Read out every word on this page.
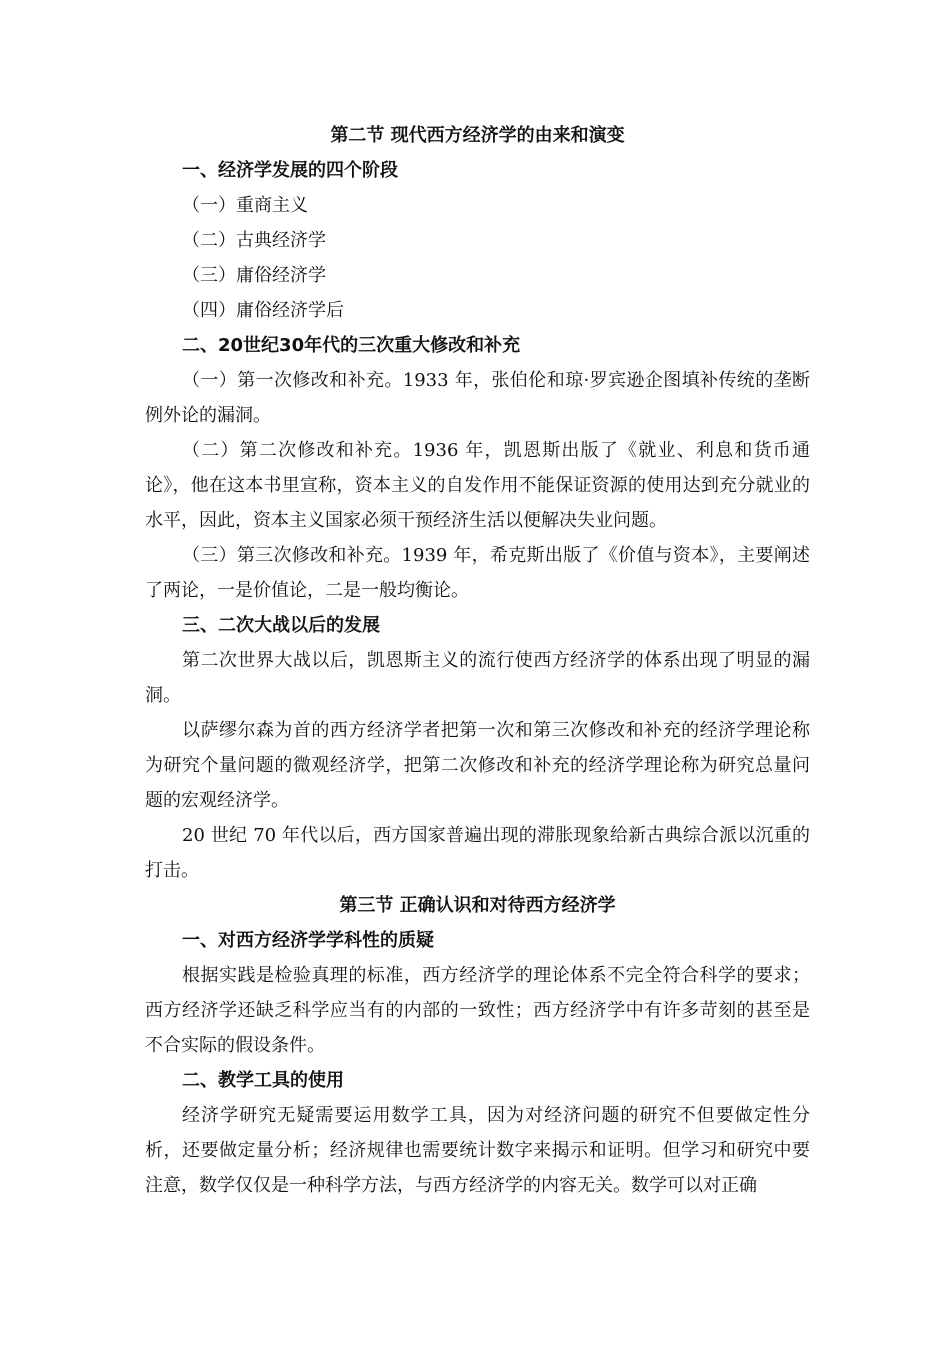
第二节 现代西方经济学的由来和演变

一、经济学发展的四个阶段

（一）重商主义

（二）古典经济学

（三）庸俗经济学

（四）庸俗经济学后

二、20世纪30年代的三次重大修改和补充

（一）第一次修改和补充。1933 年，张伯伦和琼·罗宾逊企图填补传统的垄断例外论的漏洞。

（二）第二次修改和补充。1936 年，凯恩斯出版了《就业、利息和货币通论》，他在这本书里宣称，资本主义的自发作用不能保证资源的使用达到充分就业的水平，因此，资本主义国家必须干预经济生活以便解决失业问题。

（三）第三次修改和补充。1939 年，希克斯出版了《价值与资本》，主要阐述了两论，一是价值论，二是一般均衡论。

三、二次大战以后的发展

第二次世界大战以后，凯恩斯主义的流行使西方经济学的体系出现了明显的漏洞。

以萨缪尔森为首的西方经济学者把第一次和第三次修改和补充的经济学理论称为研究个量问题的微观经济学，把第二次修改和补充的经济学理论称为研究总量问题的宏观经济学。

20 世纪 70 年代以后，西方国家普遍出现的滞胀现象给新古典综合派以沉重的打击。

第三节 正确认识和对待西方经济学

一、对西方经济学学科性的质疑

根据实践是检验真理的标准，西方经济学的理论体系不完全符合科学的要求；西方经济学还缺乏科学应当有的内部的一致性；西方经济学中有许多苛刻的甚至是不合实际的假设条件。

二、教学工具的使用

经济学研究无疑需要运用数学工具，因为对经济问题的研究不但要做定性分析，还要做定量分析；经济规律也需要统计数字来揭示和证明。但学习和研究中要注意，数学仅仅是一种科学方法，与西方经济学的内容无关。数学可以对正确
